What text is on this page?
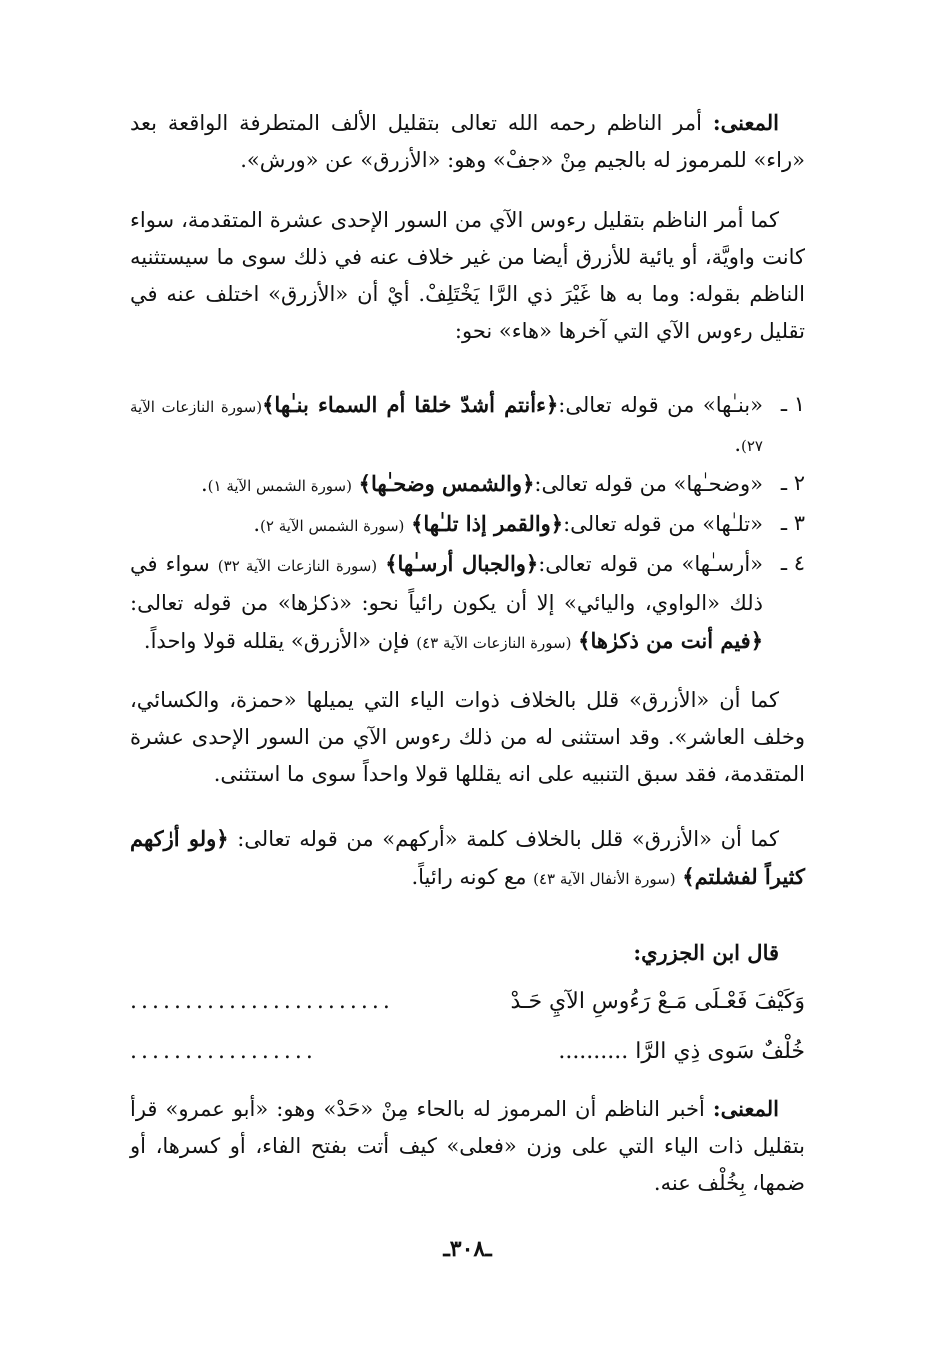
المعنى: أمر الناظم رحمه الله تعالى بتقليل الألف المتطرفة الواقعة بعد «راء» للمرموز له بالجيم مِنْ «جفْ» وهو: «الأزرق» عن «ورش».

كما أمر الناظم بتقليل رءوس الآي من السور الإحدى عشرة المتقدمة، سواء كانت واويَّة، أو يائية للأزرق أيضا من غير خلاف عنه في ذلك سوى ما سيستثنيه الناظم بقوله: وما به ها غَيْرَ ذي الرَّا يَخْتَلِفْ. أيْ أن «الأزرق» اختلف عنه في تقليل رءوس الآي التي آخرها «هاء» نحو:

١ ـ
«بنـٰها» من قوله تعالى:﴿ءأنتم أشدّ خلقا أم السماء بنـٰها﴾(سورة النازعات الآية ٢٧).
٢ ـ
«وضحـٰها» من قوله تعالى:﴿والشمس وضحـٰها﴾ (سورة الشمس الآية ١).
٣ ـ
«تلـٰها» من قوله تعالى:﴿والقمر إذا تلـٰها﴾ (سورة الشمس الآية ٢).
٤ ـ
«أرسـٰها» من قوله تعالى:﴿والجبال أرسـٰها﴾ (سورة النازعات الآية ٣٢) سواء في ذلك «الواوي، واليائي» إلا أن يكون رائياً نحو: «ذكرٰها» من قوله تعالى: ﴿فيم أنت من ذكرٰها﴾ (سورة النازعات الآية ٤٣) فإن «الأزرق» يقلله قولا واحداً.

كما أن «الأزرق» قلل بالخلاف ذوات الياء التي يميلها «حمزة، والكسائي، وخلف العاشر». وقد استثنى له من ذلك رءوس الآي من السور الإحدى عشرة المتقدمة، فقد سبق التنبيه على انه يقللها قولا واحداً سوى ما استثنى.

كما أن «الأزرق» قلل بالخلاف كلمة «أركهم» من قوله تعالى: ﴿ولو أرٰكهم كثيراً لفشلتم﴾ (سورة الأنفال الآية ٤٣) مع كونه رائياً.

قال ابن الجزري:

وَكَيْفَ فَعْـلَى مَـعْ رَءُوسِ الآيِ حَـدْ
........................
خُلْفٌ سَوى ذِي الرَّا ..........
.................

المعنى: أخبر الناظم أن المرموز له بالحاء مِنْ «حَدْ» وهو: «أبو عمرو» قرأ بتقليل ذات الياء التي على وزن «فعلى» كيف أتت بفتح الفاء، أو كسرها، أو ضمها، بِخُلْف عنه.

ـ٣٠٨ـ
